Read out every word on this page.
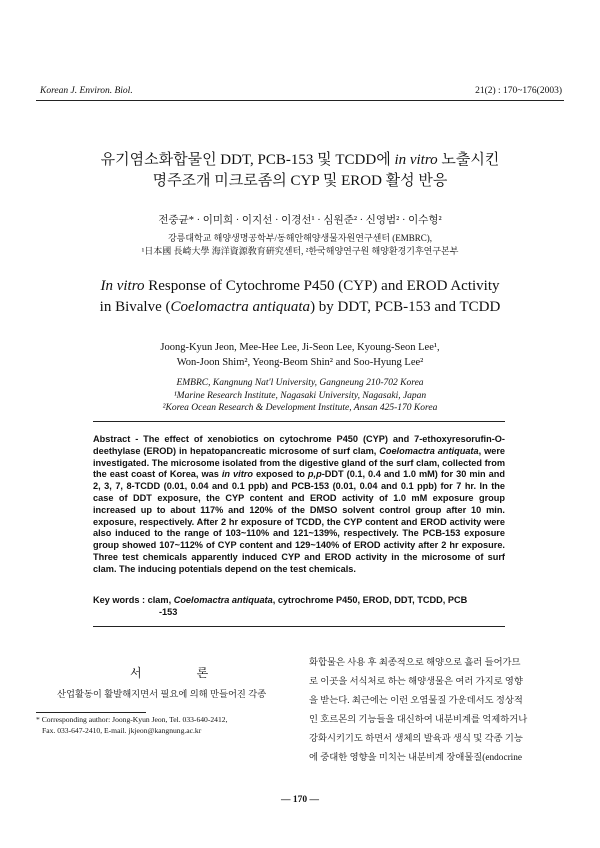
Korean J. Environ. Biol.	21(2) : 170~176(2003)
유기염소화합물인 DDT, PCB-153 및 TCDD에 in vitro 노출시킨
명주조개 미크로좀의 CYP 및 EROD 활성 반응
전중균* · 이미희 · 이지선 · 이경선¹ · 심원준² · 신영범² · 이수형²
강릉대학교 해양생명공학부/동해안해양생물자원연구센터 (EMBRC),
¹日本國 長崎大學 海洋資源敎育硏究센터, ²한국해양연구원 해양환경기후연구본부
In vitro Response of Cytochrome P450 (CYP) and EROD Activity
in Bivalve (Coelomactra antiquata) by DDT, PCB-153 and TCDD
Joong-Kyun Jeon, Mee-Hee Lee, Ji-Seon Lee, Kyoung-Seon Lee¹,
Won-Joon Shim², Yeong-Beom Shin² and Soo-Hyung Lee²
EMBRC, Kangnung Nat'l University, Gangneung 210-702 Korea
¹Marine Research Institute, Nagasaki University, Nagasaki, Japan
²Korea Ocean Research & Development Institute, Ansan 425-170 Korea
Abstract - The effect of xenobiotics on cytochrome P450 (CYP) and 7-ethoxyresorufin-O-deethylase (EROD) in hepatopancreatic microsome of surf clam, Coelomactra antiquata, were investigated. The microsome isolated from the digestive gland of the surf clam, collected from the east coast of Korea, was in vitro exposed to p,p-DDT (0.1, 0.4 and 1.0 mM) for 30 min and 2, 3, 7, 8-TCDD (0.01, 0.04 and 0.1 ppb) and PCB-153 (0.01, 0.04 and 0.1 ppb) for 7 hr. In the case of DDT exposure, the CYP content and EROD activity of 1.0 mM exposure group increased up to about 117% and 120% of the DMSO solvent control group after 10 min. exposure, respectively. After 2 hr exposure of TCDD, the CYP content and EROD activity were also induced to the range of 103~110% and 121~139%, respectively. The PCB-153 exposure group showed 107~112% of CYP content and 129~140% of EROD activity after 2 hr exposure. Three test chemicals apparently induced CYP and EROD activity in the microsome of surf clam. The inducing potentials depend on the test chemicals.
Key words : clam, Coelomactra antiquata, cytrochrome P450, EROD, DDT, TCDD, PCB
-153
서 론
산업활동이 활발해지면서 필요에 의해 만들어진 각종
* Corresponding author: Joong-Kyun Jeon, Tel. 033-640-2412,
Fax. 033-647-2410, E-mail. jkjeon@kangnung.ac.kr
화합물은 사용 후 최종적으로 해양으로 흘러 들어가므
로 이곳을 서식처로 하는 해양생물은 여러 가지로 영향
을 받는다. 최근에는 이런 오염물질 가운데서도 정상적
인 호르몬의 기능들을 대신하여 내분비계를 억제하거나
강화시키기도 하면서 생체의 발육과 생식 및 각종 기능
에 중대한 영향을 미치는 내분비계 장애물질(endocrine
— 170 —
